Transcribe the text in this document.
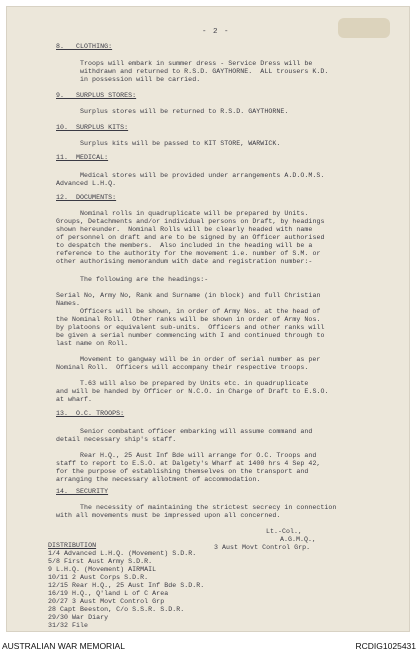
- 2 -
8.   CLOTHING:
Troops will embark in summer dress - Service Dress will be
withdrawn and returned to R.S.D. GAYTHORNE.  ALL trousers K.D.
in possession will be carried.
9.   SURPLUS STORES:
Surplus stores will be returned to R.S.D. GAYTHORNE.
10.  SURPLUS KITS:
Surplus kits will be passed to KIT STORE, WARWICK.
11.  MEDICAL:
Medical stores will be provided under arrangements A.D.O.M.S.
Advanced L.H.Q.
12.  DOCUMENTS:
Nominal rolls in quadruplicate will be prepared by Units.
Groups, Detachments and/or individual persons on Draft, by headings
shown hereunder.  Nominal Rolls will be clearly headed with name
of personnel on draft and are to be signed by an Officer authorised
to despatch the members.  Also included in the heading will be a
reference to the authority for the movement i.e. number of S.M. or
other authorising memorandum with date and registration number:-
The following are the headings:-
Serial No, Army No, Rank and Surname (in block) and full Christian
Names.
Officers will be shown, in order of Army Nos. at the head of
the Nominal Roll.  Other ranks will be shown in order of Army Nos.
by platoons or equivalent sub-units.  Officers and other ranks will
be given a serial number commencing with I and continued through to
last name on Roll.
Movement to gangway will be in order of serial number as per
Nominal Roll.  Officers will accompany their respective troops.
T.63 will also be prepared by Units etc. in quadruplicate
and will be handed by Officer or N.C.O. in Charge of Draft to E.S.O.
at wharf.
13.  O.C. TROOPS:
Senior combatant officer embarking will assume command and
detail necessary ship's staff.
Rear H.Q., 25 Aust Inf Bde will arrange for O.C. Troops and
staff to report to E.S.O. at Dalgety's Wharf at 1400 hrs 4 Sep 42,
for the purpose of establishing themselves on the transport and
arranging the necessary allotment of accommodation.
14.  SECURITY
The necessity of maintaining the strictest secrecy in connection
with all movements must be impressed upon all concerned.
Lt.-Col.,
A.G.M.Q.,
3 Aust Movt Control Grp.
DISTRIBUTION
1/4 Advanced L.H.Q. (Movement) S.D.R.
5/8 First Aust Army S.D.R.
9 L.H.Q. (Movement) AIRMAIL
10/11 2 Aust Corps S.D.R.
12/15 Rear H.Q., 25 Aust Inf Bde S.D.R.
16/19 H.Q., Q'land L of C Area
20/27 3 Aust Movt Control Grp
28 Capt Beeston, C/o S.S.R. S.D.R.
29/30 War Diary
31/32 File
AUSTRALIAN WAR MEMORIAL	RCDIG1025431
